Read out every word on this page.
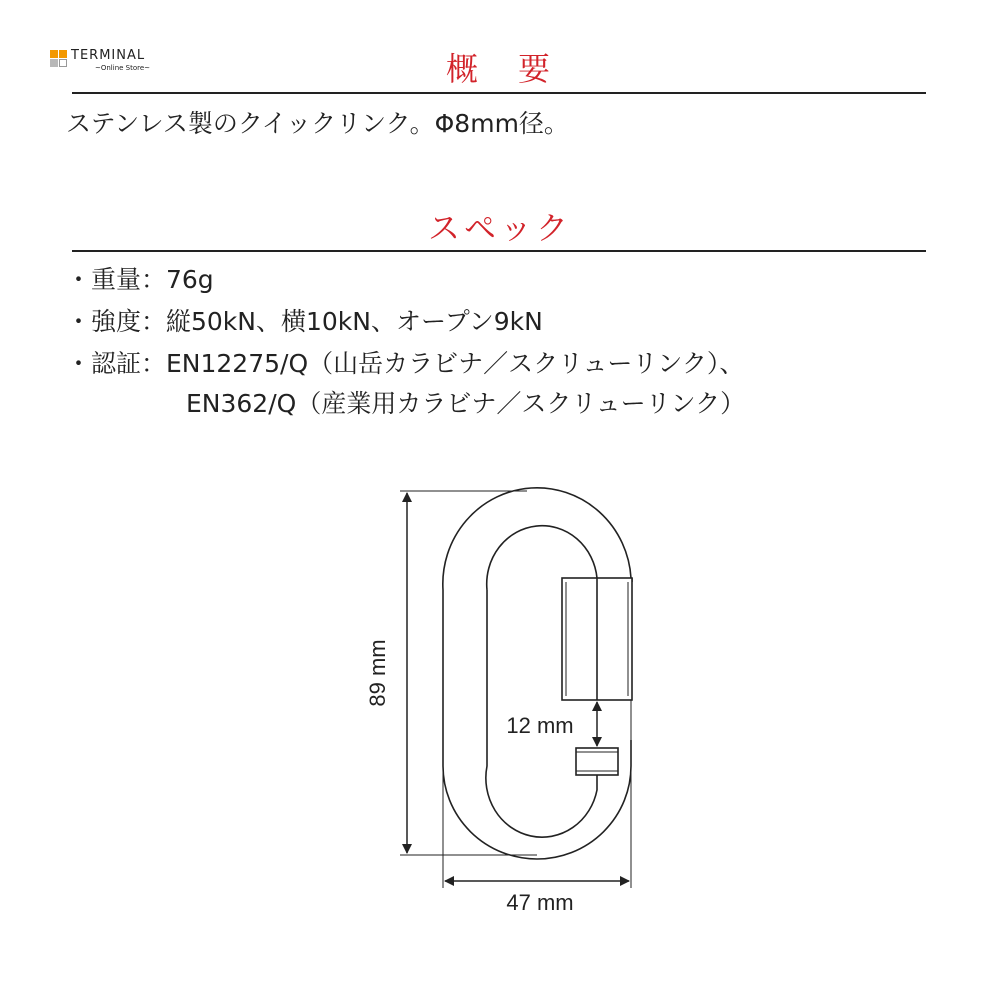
TERMINAL
~Online Store~	概　要
ステンレス製のクイックリンク。Φ8mm径。
スペック
・重量：76g
・強度：縦50kN、横10kN、オープン9kN
・認証：EN12275/Q（山岳カラビナ／スクリューリンク）、
EN362/Q（産業用カラビナ／スクリューリンク）
89 mm
12 mm
47 mm
